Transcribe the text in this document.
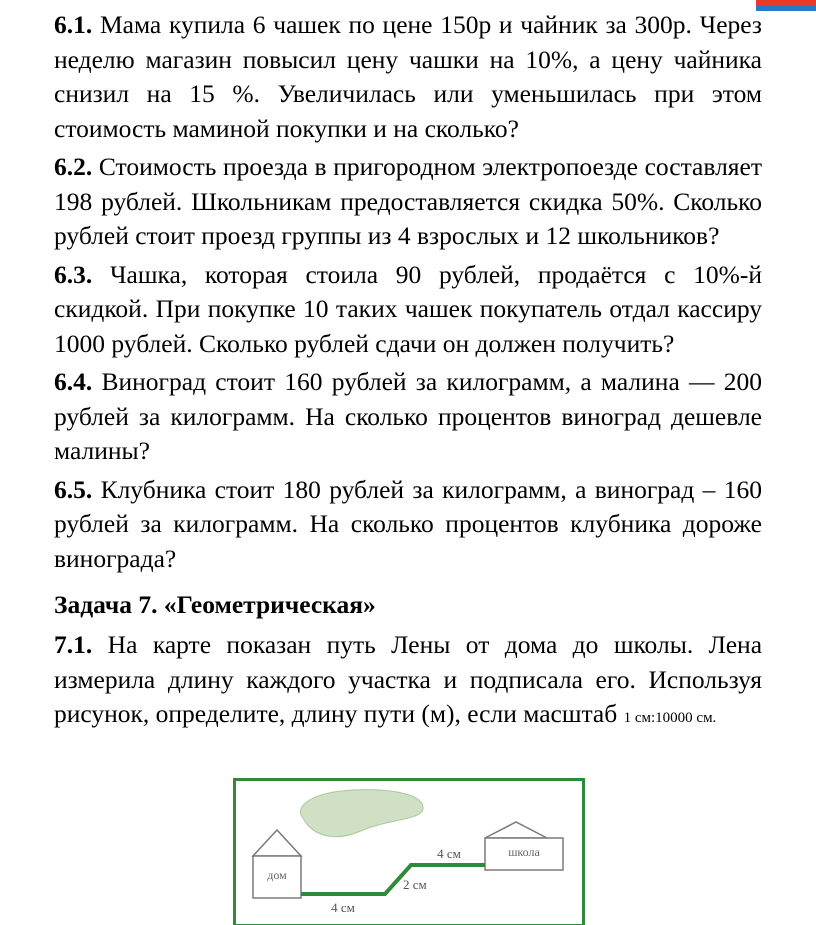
6.1. Мама купила 6 чашек по цене 150р и чайник за 300р. Через неделю магазин повысил цену чашки на 10%, а цену чайника снизил на 15 %. Увеличилась или уменьшилась при этом стоимость маминой покупки и на сколько?

6.2. Стоимость проезда в пригородном электропоезде составляет 198 рублей. Школьникам предоставляется скидка 50%. Сколько рублей стоит проезд группы из 4 взрослых и 12 школьников?

6.3. Чашка, которая стоила 90 рублей, продаётся с 10%-й скидкой. При покупке 10 таких чашек покупатель отдал кассиру 1000 рублей. Сколько рублей сдачи он должен получить?

6.4. Виноград стоит 160 рублей за килограмм, а малина — 200 рублей за килограмм. На сколько процентов виноград дешевле малины?

6.5. Клубника стоит 180 рублей за килограмм, а виноград – 160 рублей за килограмм. На сколько процентов клубника дороже винограда?

Задача 7. «Геометрическая»

7.1. На карте показан путь Лены от дома до школы. Лена измерила длину каждого участка и подписала его. Используя рисунок, определите, длину пути (м), если масштаб 1 см:10000 см.

дом
школа
4 см
2 см
4 см
